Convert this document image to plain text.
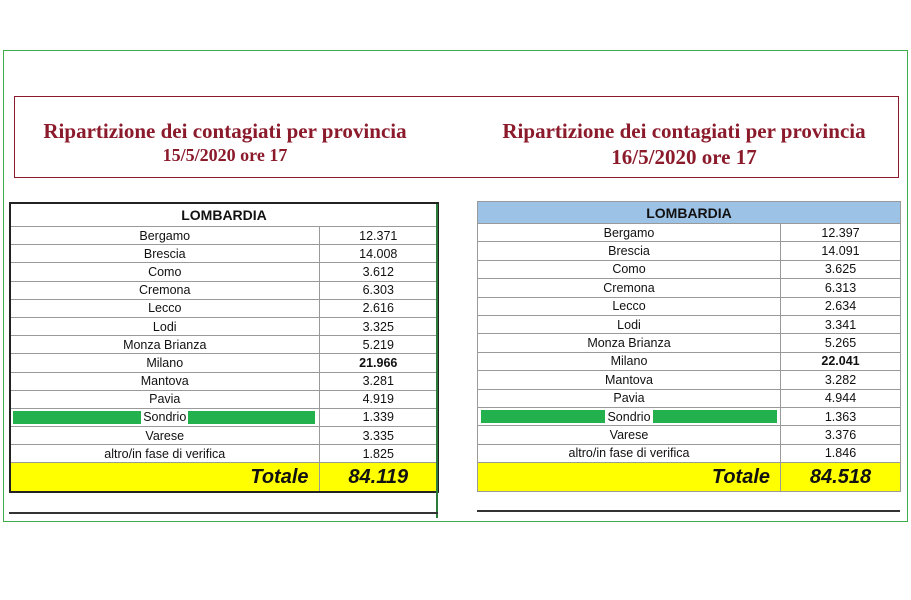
Ripartizione dei contagiati per provincia
15/5/2020 ore 17
Ripartizione dei contagiati per provincia
16/5/2020 ore 17
LOMBARDIA	
Bergamo	12.371
Brescia	14.008
Como	3.612
Cremona	6.303
Lecco	2.616
Lodi	3.325
Monza Brianza	5.219
Milano	21.966
Mantova	3.281
Pavia	4.919

Sondrio	1.339
Varese	3.335
altro/in fase di verifica	1.825
Totale	84.119
LOMBARDIA	
Bergamo	12.397
Brescia	14.091
Como	3.625
Cremona	6.313
Lecco	2.634
Lodi	3.341
Monza Brianza	5.265
Milano	22.041
Mantova	3.282
Pavia	4.944

Sondrio	1.363
Varese	3.376
altro/in fase di verifica	1.846
Totale	84.518
